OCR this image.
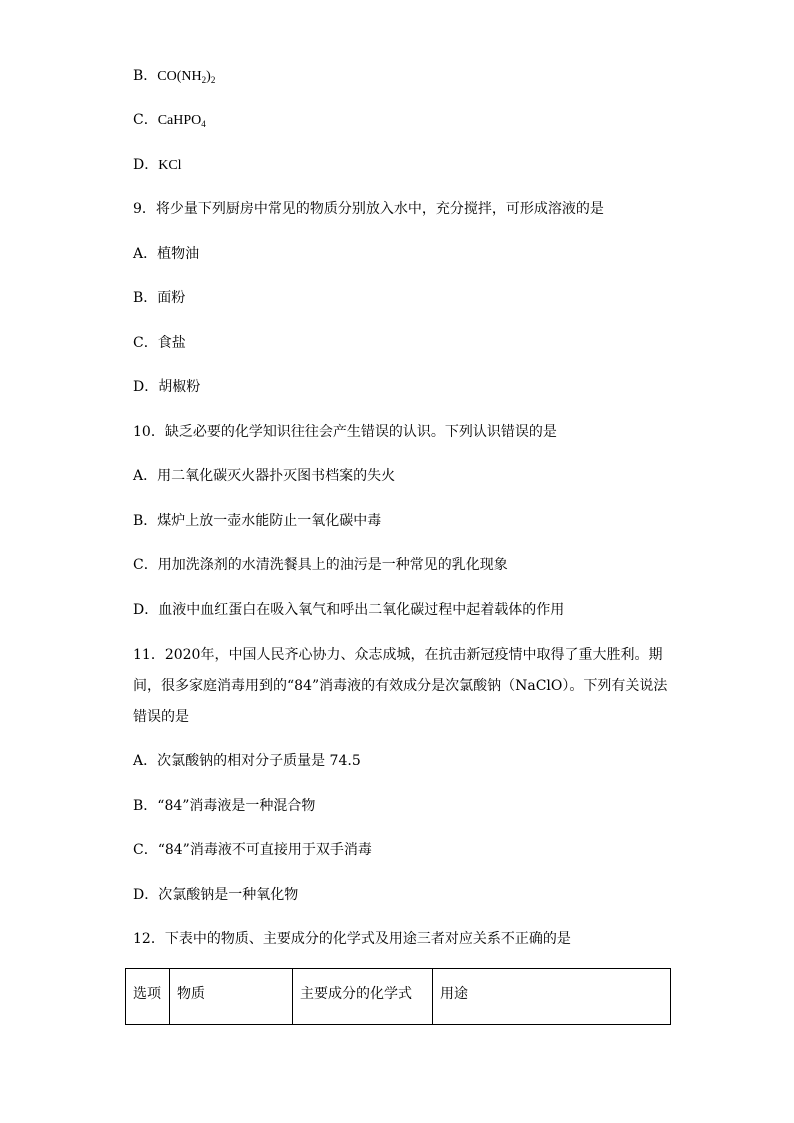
B．$CO(NH_2)_2$
C．CaHPO$_4$
D．KCl
9．将少量下列厨房中常见的物质分别放入水中，充分搅拌，可形成溶液的是
A．植物油
B．面粉
C．食盐
D．胡椒粉
10．缺乏必要的化学知识往往会产生错误的认识。下列认识错误的是
A．用二氧化碳灭火器扑灭图书档案的失火
B．煤炉上放一壶水能防止一氧化碳中毒
C．用加洗涤剂的水清洗餐具上的油污是一种常见的乳化现象
D．血液中血红蛋白在吸入氧气和呼出二氧化碳过程中起着载体的作用
11．2020年，中国人民齐心协力、众志成城，在抗击新冠疫情中取得了重大胜利。期
间，很多家庭消毒用到的“84”消毒液的有效成分是次氯酸钠（NaClO）。下列有关说法
错误的是
A．次氯酸钠的相对分子质量是 74.5
B．“84”消毒液是一种混合物
C．“84”消毒液不可直接用于双手消毒
D．次氯酸钠是一种氧化物
12．下表中的物质、主要成分的化学式及用途三者对应关系不正确的是
选项	物质	主要成分的化学式	用途
